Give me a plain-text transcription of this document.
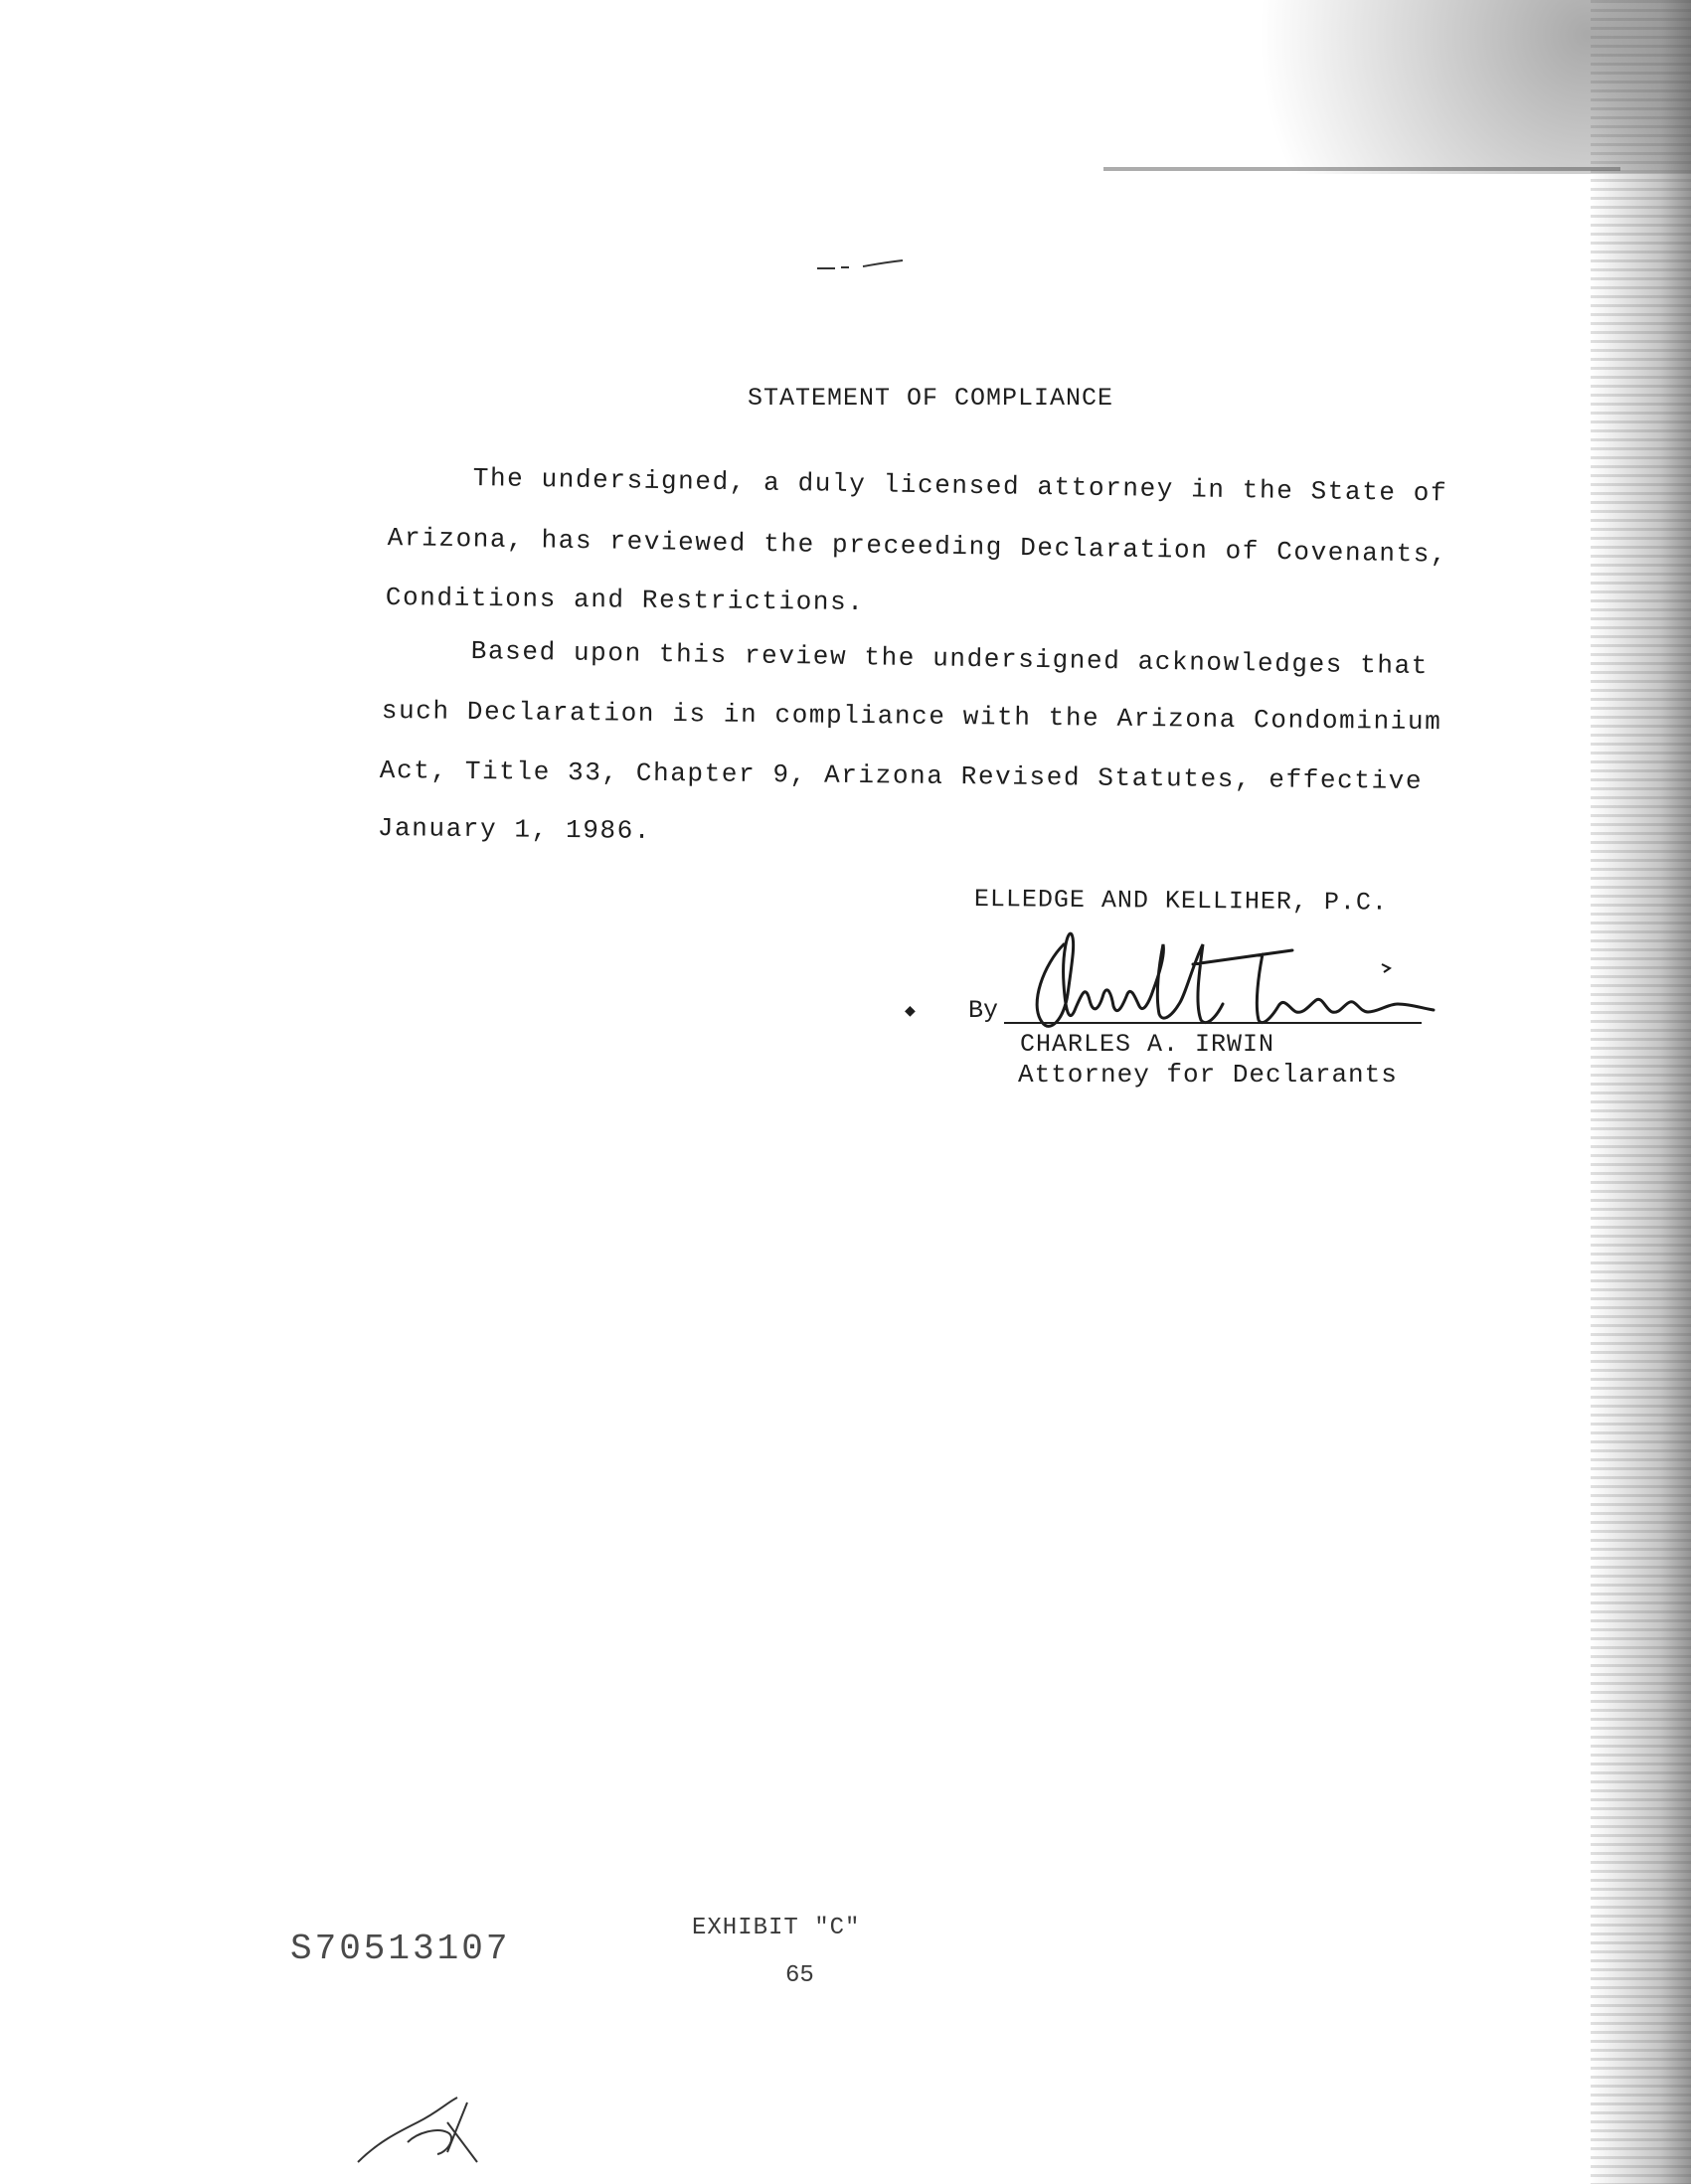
STATEMENT OF COMPLIANCE
The undersigned, a duly licensed attorney in the State of
Arizona, has reviewed the preceeding Declaration of Covenants,
Conditions and Restrictions.
Based upon this review the undersigned acknowledges that
such Declaration is in compliance with the Arizona Condominium
Act, Title 33, Chapter 9, Arizona Revised Statutes, effective
January 1, 1986.
ELLEDGE AND KELLIHER, P.C.
◆ By
CHARLES A. IRWIN
Attorney for Declarants
S70513107
EXHIBIT "C"
65
